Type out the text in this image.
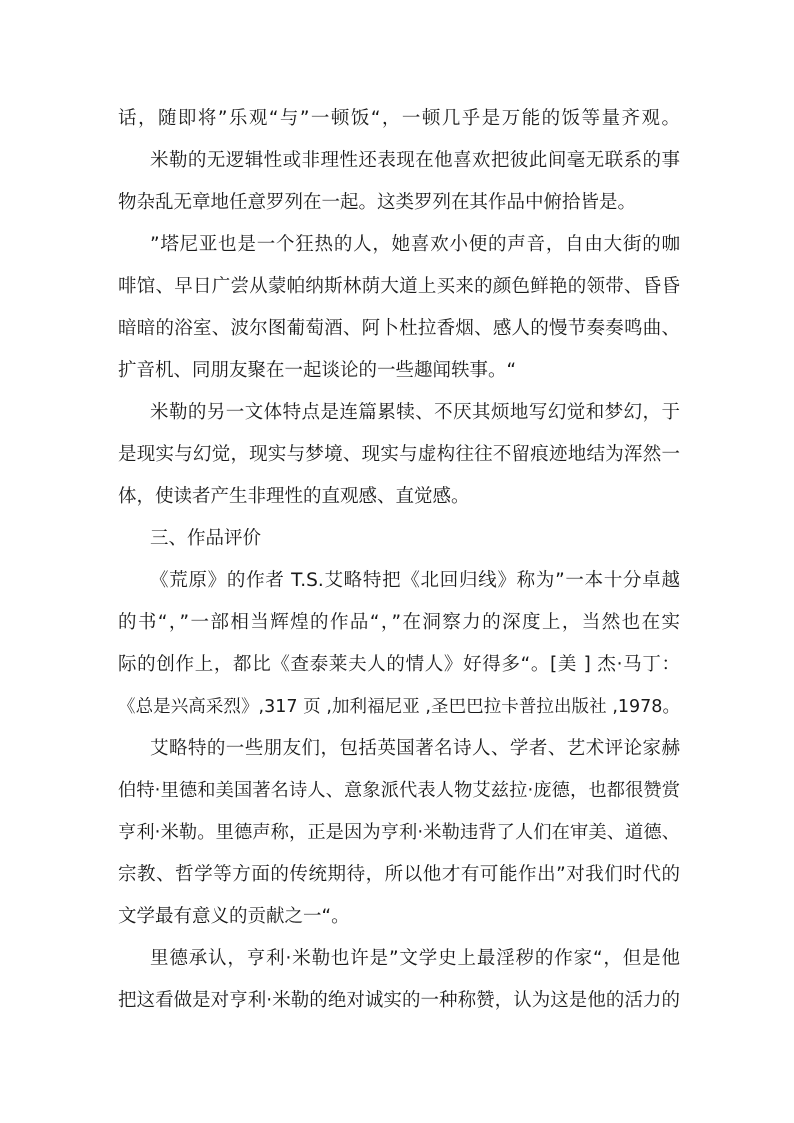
话，随即将”乐观“与”一顿饭“，一顿几乎是万能的饭等量齐观。
米勒的无逻辑性或非理性还表现在他喜欢把彼此间毫无联系的事
物杂乱无章地任意罗列在一起。这类罗列在其作品中俯拾皆是。
”塔尼亚也是一个狂热的人，她喜欢小便的声音，自由大街的咖
啡馆、早日广尝从蒙帕纳斯林荫大道上买来的颜色鲜艳的领带、昏昏
暗暗的浴室、波尔图葡萄酒、阿卜杜拉香烟、感人的慢节奏奏鸣曲、
扩音机、同朋友聚在一起谈论的一些趣闻轶事。“
米勒的另一文体特点是连篇累犊、不厌其烦地写幻觉和梦幻，于
是现实与幻觉，现实与梦境、现实与虚构往往不留痕迹地结为浑然一
体，使读者产生非理性的直观感、直觉感。
三、作品评价
《荒原》的作者 T.S.艾略特把《北回归线》称为”一本十分卓越
的书“，”一部相当辉煌的作品“，”在洞察力的深度上，当然也在实
际的创作上，都比《查泰莱夫人的情人》好得多“。[美 ] 杰·马丁：
《总是兴高采烈》,317 页 ,加利福尼亚 ,圣巴巴拉卡普拉出版社 ,1978。
艾略特的一些朋友们，包括英国著名诗人、学者、艺术评论家赫
伯特·里德和美国著名诗人、意象派代表人物艾兹拉·庞德，也都很赞赏
亨利·米勒。里德声称，正是因为亨利·米勒违背了人们在审美、道德、
宗教、哲学等方面的传统期待，所以他才有可能作出”对我们时代的
文学最有意义的贡献之一“。
里德承认，亨利·米勒也许是”文学史上最淫秽的作家“，但是他
把这看做是对亨利·米勒的绝对诚实的一种称赞，认为这是他的活力的
